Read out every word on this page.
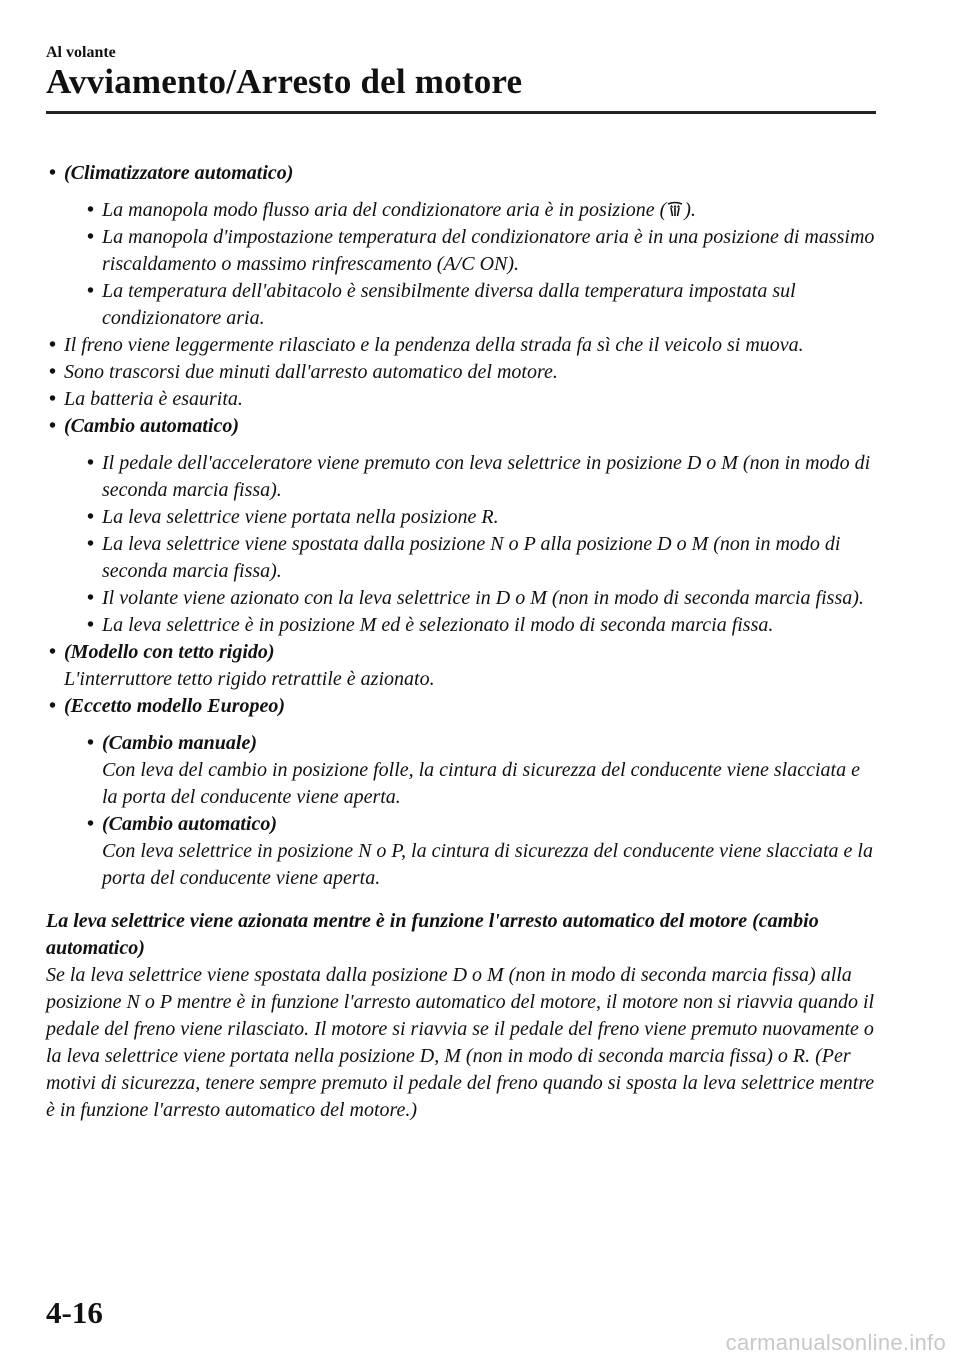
Al volante
Avviamento/Arresto del motore
• (Climatizzatore automatico)
• La manopola modo flusso aria del condizionatore aria è in posizione ( ).
• La manopola d'impostazione temperatura del condizionatore aria è in una posizione di massimo riscaldamento o massimo rinfrescamento (A/C ON).
• La temperatura dell'abitacolo è sensibilmente diversa dalla temperatura impostata sul condizionatore aria.
• Il freno viene leggermente rilasciato e la pendenza della strada fa sì che il veicolo si muova.
• Sono trascorsi due minuti dall'arresto automatico del motore.
• La batteria è esaurita.
• (Cambio automatico)
• Il pedale dell'acceleratore viene premuto con leva selettrice in posizione D o M (non in modo di seconda marcia fissa).
• La leva selettrice viene portata nella posizione R.
• La leva selettrice viene spostata dalla posizione N o P alla posizione D o M (non in modo di seconda marcia fissa).
• Il volante viene azionato con la leva selettrice in D o M (non in modo di seconda marcia fissa).
• La leva selettrice è in posizione M ed è selezionato il modo di seconda marcia fissa.
• (Modello con tetto rigido)
L'interruttore tetto rigido retrattile è azionato.
• (Eccetto modello Europeo)
• (Cambio manuale)
Con leva del cambio in posizione folle, la cintura di sicurezza del conducente viene slacciata e la porta del conducente viene aperta.
• (Cambio automatico)
Con leva selettrice in posizione N o P, la cintura di sicurezza del conducente viene slacciata e la porta del conducente viene aperta.
La leva selettrice viene azionata mentre è in funzione l'arresto automatico del motore (cambio automatico)
Se la leva selettrice viene spostata dalla posizione D o M (non in modo di seconda marcia fissa) alla posizione N o P mentre è in funzione l'arresto automatico del motore, il motore non si riavvia quando il pedale del freno viene rilasciato. Il motore si riavvia se il pedale del freno viene premuto nuovamente o la leva selettrice viene portata nella posizione D, M (non in modo di seconda marcia fissa) o R. (Per motivi di sicurezza, tenere sempre premuto il pedale del freno quando si sposta la leva selettrice mentre è in funzione l'arresto automatico del motore.)
4-16
carmanualsonline.info
